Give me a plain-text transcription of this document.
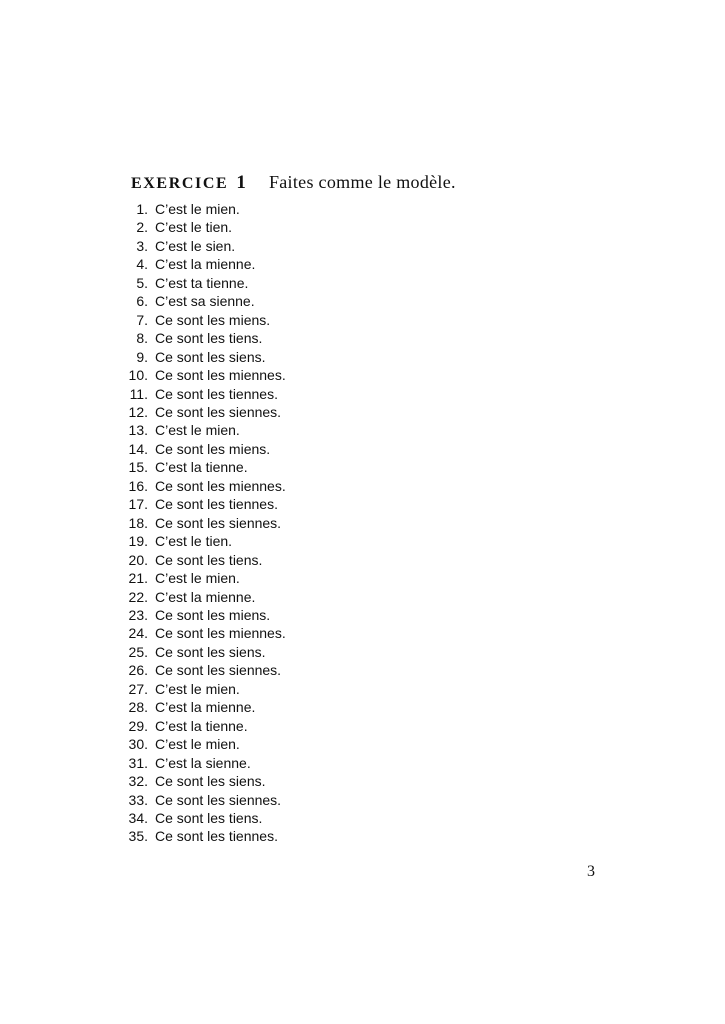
EXERCICE 1 Faites comme le modèle.
1. C’est le mien.
2. C’est le tien.
3. C’est le sien.
4. C’est la mienne.
5. C’est ta tienne.
6. C’est sa sienne.
7. Ce sont les miens.
8. Ce sont les tiens.
9. Ce sont les siens.
10. Ce sont les miennes.
11. Ce sont les tiennes.
12. Ce sont les siennes.
13. C’est le mien.
14. Ce sont les miens.
15. C’est la tienne.
16. Ce sont les miennes.
17. Ce sont les tiennes.
18. Ce sont les siennes.
19. C’est le tien.
20. Ce sont les tiens.
21. C’est le mien.
22. C’est la mienne.
23. Ce sont les miens.
24. Ce sont les miennes.
25. Ce sont les siens.
26. Ce sont les siennes.
27. C’est le mien.
28. C’est la mienne.
29. C’est la tienne.
30. C’est le mien.
31. C’est la sienne.
32. Ce sont les siens.
33. Ce sont les siennes.
34. Ce sont les tiens.
35. Ce sont les tiennes.
3
